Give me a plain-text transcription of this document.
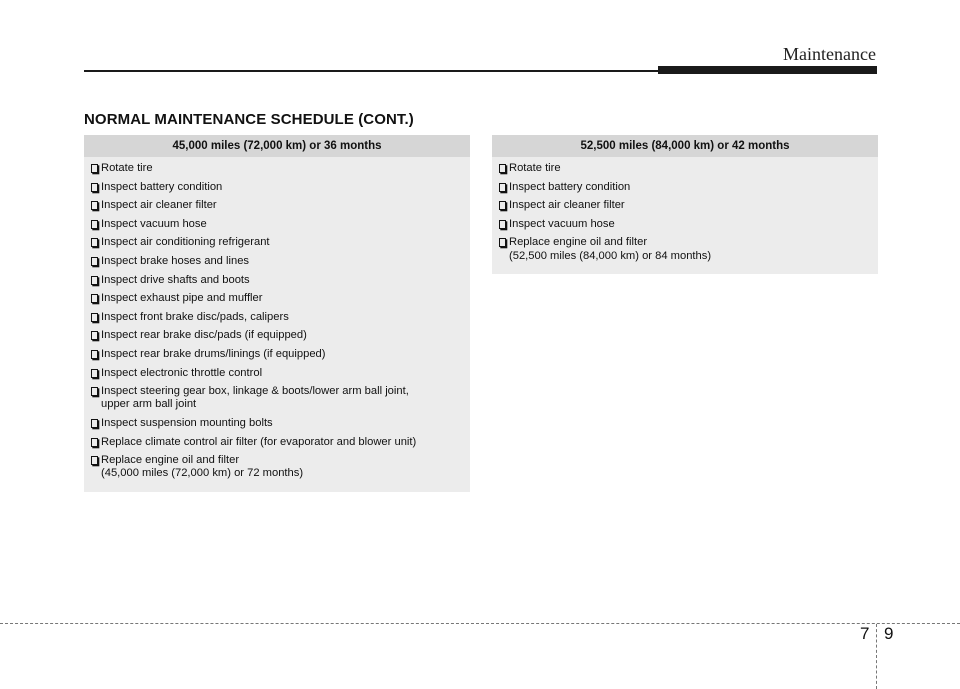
Maintenance
NORMAL MAINTENANCE SCHEDULE (CONT.)
45,000 miles (72,000 km) or 36 months
Rotate tire
Inspect battery condition
Inspect air cleaner filter
Inspect vacuum hose
Inspect air conditioning refrigerant
Inspect brake hoses and lines
Inspect drive shafts and boots
Inspect exhaust pipe and muffler
Inspect front brake disc/pads, calipers
Inspect rear brake disc/pads (if equipped)
Inspect rear brake drums/linings (if equipped)
Inspect electronic throttle control
Inspect steering gear box, linkage & boots/lower arm ball joint,
upper arm ball joint
Inspect suspension mounting bolts
Replace climate control air filter (for evaporator and blower unit)
Replace engine oil and filter
(45,000 miles (72,000 km) or 72 months)
52,500 miles (84,000 km) or 42 months
Rotate tire
Inspect battery condition
Inspect air cleaner filter
Inspect vacuum hose
Replace engine oil and filter
(52,500 miles (84,000 km) or 84 months)
7 9
